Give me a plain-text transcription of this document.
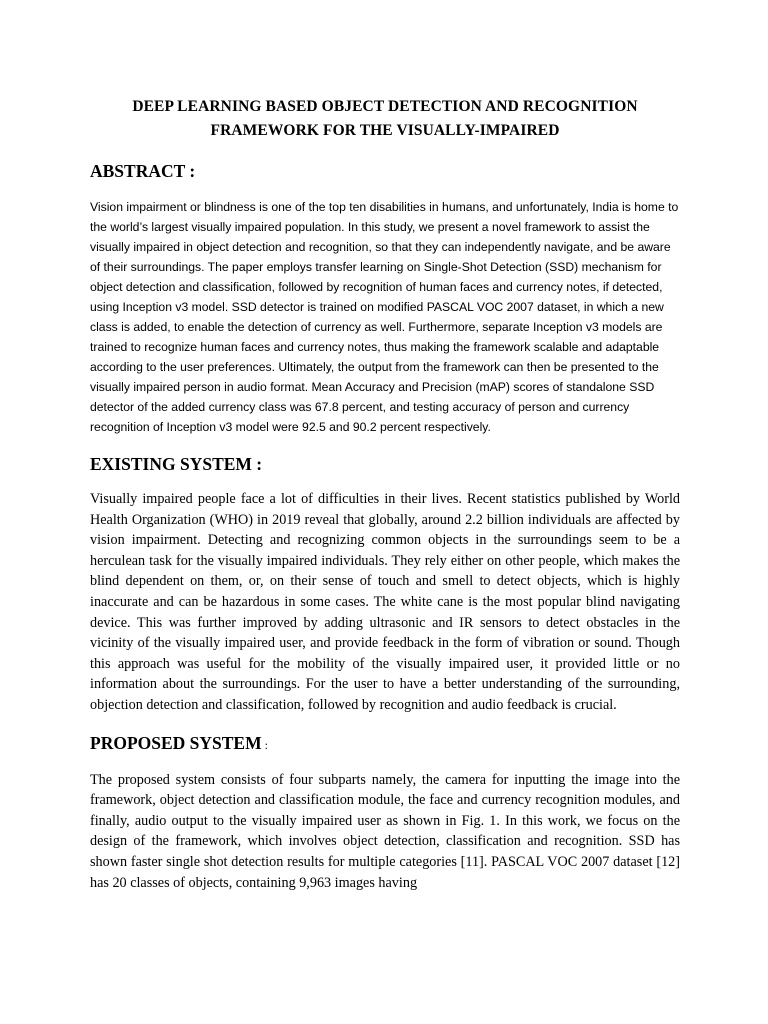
DEEP LEARNING BASED OBJECT DETECTION AND RECOGNITION
FRAMEWORK FOR THE VISUALLY-IMPAIRED
ABSTRACT :

Vision impairment or blindness is one of the top ten disabilities in humans, and unfortunately, India is home to the world’s largest visually impaired population. In this study, we present a novel framework to assist the visually impaired in object detection and recognition, so that they can independently navigate, and be aware of their surroundings. The paper employs transfer learning on Single-Shot Detection (SSD) mechanism for object detection and classification, followed by recognition of human faces and currency notes, if detected, using Inception v3 model. SSD detector is trained on modified PASCAL VOC 2007 dataset, in which a new class is added, to enable the detection of currency as well. Furthermore, separate Inception v3 models are trained to recognize human faces and currency notes, thus making the framework scalable and adaptable according to the user preferences. Ultimately, the output from the framework can then be presented to the visually impaired person in audio format. Mean Accuracy and Precision (mAP) scores of standalone SSD detector of the added currency class was 67.8 percent, and testing accuracy of person and currency recognition of Inception v3 model were 92.5 and 90.2 percent respectively.

EXISTING SYSTEM :

Visually impaired people face a lot of difficulties in their lives. Recent statistics published by World Health Organization (WHO) in 2019 reveal that globally, around 2.2 billion individuals are affected by vision impairment. Detecting and recognizing common objects in the surroundings seem to be a herculean task for the visually impaired individuals. They rely either on other people, which makes the blind dependent on them, or, on their sense of touch and smell to detect objects, which is highly inaccurate and can be hazardous in some cases. The white cane is the most popular blind navigating device. This was further improved by adding ultrasonic and IR sensors to detect obstacles in the vicinity of the visually impaired user, and provide feedback in the form of vibration or sound. Though this approach was useful for the mobility of the visually impaired user, it provided little or no information about the surroundings. For the user to have a better understanding of the surrounding, objection detection and classification, followed by recognition and audio feedback is crucial.

PROPOSED SYSTEM :

The proposed system consists of four subparts namely, the camera for inputting the image into the framework, object detection and classification module, the face and currency recognition modules, and finally, audio output to the visually impaired user as shown in Fig. 1. In this work, we focus on the design of the framework, which involves object detection, classification and recognition. SSD has shown faster single shot detection results for multiple categories [11]. PASCAL VOC 2007 dataset [12] has 20 classes of objects, containing 9,963 images having
